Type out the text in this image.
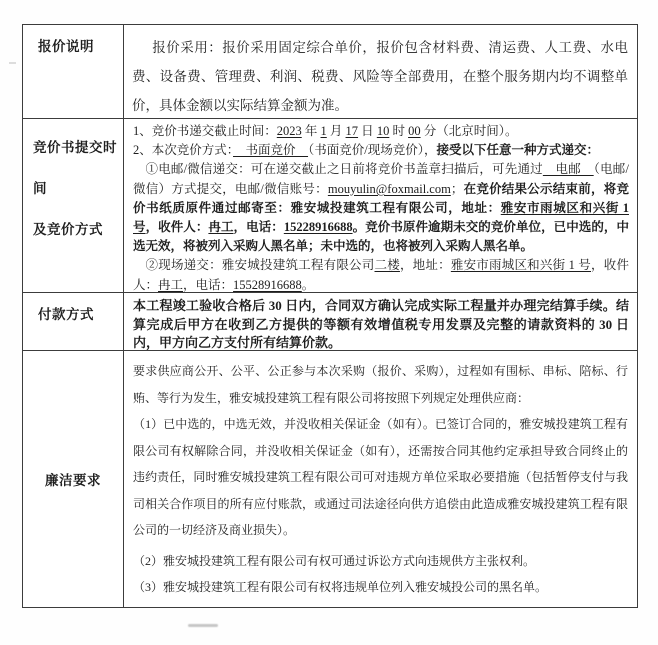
报价说明	报价采用：报价采用固定综合单价，报价包含材料费、清运费、人工费、水电费、设备费、管理费、利润、税费、风险等全部费用，在整个服务期内均不调整单价，具体金额以实际结算金额为准。

竞价书提交时间
及竞价方式

1、竞价书递交截止时间：2023 年 1 月 17 日 10 时 00 分（北京时间）。

2、本次竞价方式：　书面竞价　（书面竞价/现场竞价），接受以下任意一种方式递交：

①电邮/微信递交：可在递交截止之日前将竞价书盖章扫描后，可先通过　电邮　（电邮/微信）方式提交，电邮/微信账号：mouyulin@foxmail.com；在竞价结果公示结束前，将竞价书纸质原件通过邮寄至：雅安城投建筑工程有限公司，地址：雅安市雨城区和兴街 1 号，收件人：冉工，电话：15228916688。竞价书原件逾期未交的竞价单位，已中选的，中选无效，将被列入采购人黑名单；未中选的，也将被列入采购人黑名单。

②现场递交：雅安城投建筑工程有限公司二楼，地址：雅安市雨城区和兴街 1 号，收件人：冉工，电话：15528916688。

付款方式

本工程竣工验收合格后 30 日内，合同双方确认完成实际工程量并办理完结算手续。结算完成后甲方在收到乙方提供的等额有效增值税专用发票及完整的请款资料的 30 日内，甲方向乙方支付所有结算价款。

廉洁要求

要求供应商公开、公平、公正参与本次采购（报价、采购），过程如有围标、串标、陪标、行贿、等行为发生，雅安城投建筑工程有限公司将按照下列规定处理供应商：

（1）已中选的，中选无效，并没收相关保证金（如有）。已签订合同的，雅安城投建筑工程有限公司有权解除合同，并没收相关保证金（如有），还需按合同其他约定承担导致合同终止的违约责任，同时雅安城投建筑工程有限公司可对违规方单位采取必要措施（包括暂停支付与我司相关合作项目的所有应付账款，或通过司法途径向供方追偿由此造成雅安城投建筑工程有限公司的一切经济及商业损失）。

（2）雅安城投建筑工程有限公司有权可通过诉讼方式向违规供方主张权利。

（3）雅安城投建筑工程有限公司有权将违规单位列入雅安城投公司的黑名单。
